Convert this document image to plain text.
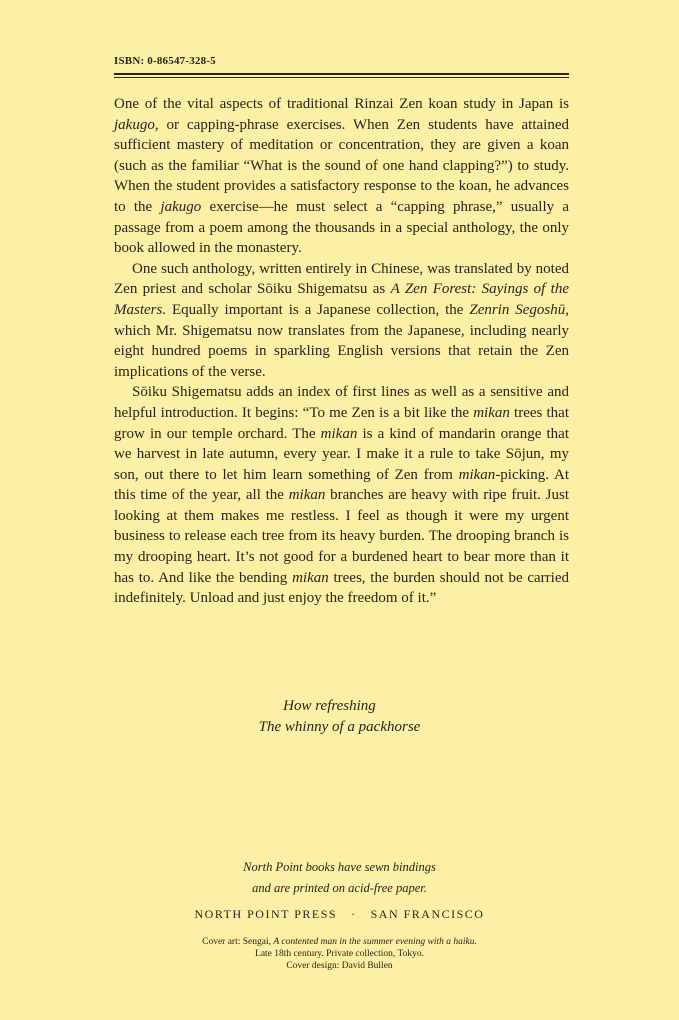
ISBN: 0-86547-328-5

One of the vital aspects of traditional Rinzai Zen koan study in Japan is jakugo, or capping-phrase exercises. When Zen students have attained sufficient mastery of meditation or concentration, they are given a koan (such as the familiar “What is the sound of one hand clapping?”) to study. When the student provides a satisfactory response to the koan, he advances to the jakugo exercise—he must select a “capping phrase,” usually a passage from a poem among the thousands in a special anthology, the only book allowed in the monastery.

One such anthology, written entirely in Chinese, was translated by noted Zen priest and scholar Sōiku Shigematsu as A Zen Forest: Sayings of the Masters. Equally important is a Japanese collection, the Zenrin Segoshū, which Mr. Shigematsu now translates from the Japanese, including nearly eight hundred poems in sparkling English versions that retain the Zen implications of the verse.

Sōiku Shigematsu adds an index of first lines as well as a sensitive and helpful introduction. It begins: “To me Zen is a bit like the mikan trees that grow in our temple orchard. The mikan is a kind of mandarin orange that we harvest in late autumn, every year. I make it a rule to take Sōjun, my son, out there to let him learn something of Zen from mikan-picking. At this time of the year, all the mikan branches are heavy with ripe fruit. Just looking at them makes me restless. I feel as though it were my urgent business to release each tree from its heavy burden. The drooping branch is my drooping heart. It’s not good for a burdened heart to bear more than it has to. And like the bending mikan trees, the burden should not be carried indefinitely. Unload and just enjoy the freedom of it.”

How refreshing
The whinny of a packhorse
North Point books have sewn bindings
and are printed on acid-free paper.
NORTH POINT PRESS · SAN FRANCISCO
Cover art: Sengai, A contented man in the summer evening with a haiku.
Late 18th century. Private collection, Tokyo.
Cover design: David Bullen
